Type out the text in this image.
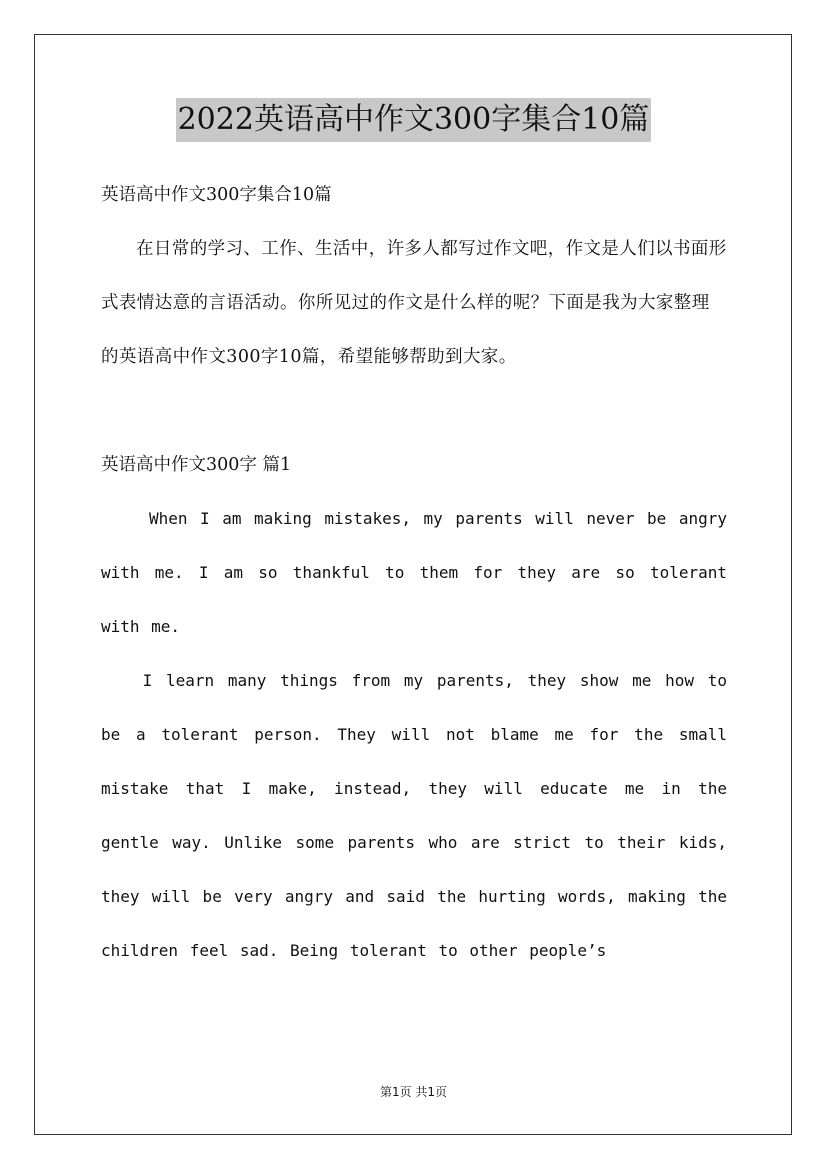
2022英语高中作文300字集合10篇

英语高中作文300字集合10篇

在日常的学习、工作、生活中，许多人都写过作文吧，作文是人们以书面形式表情达意的言语活动。你所见过的作文是什么样的呢？下面是我为大家整理的英语高中作文300字10篇，希望能够帮助到大家。

英语高中作文300字 篇1

When I am making mistakes, my parents will never be angry with me. I am so thankful to them for they are so tolerant with me.

I learn many things from my parents, they show me how to be a tolerant person. They will not blame me for the small mistake that I make, instead, they will educate me in the gentle way. Unlike some parents who are strict to their kids, they will be very angry and said the hurting words, making the children feel sad. Being tolerant to other people’s

第1页 共1页
